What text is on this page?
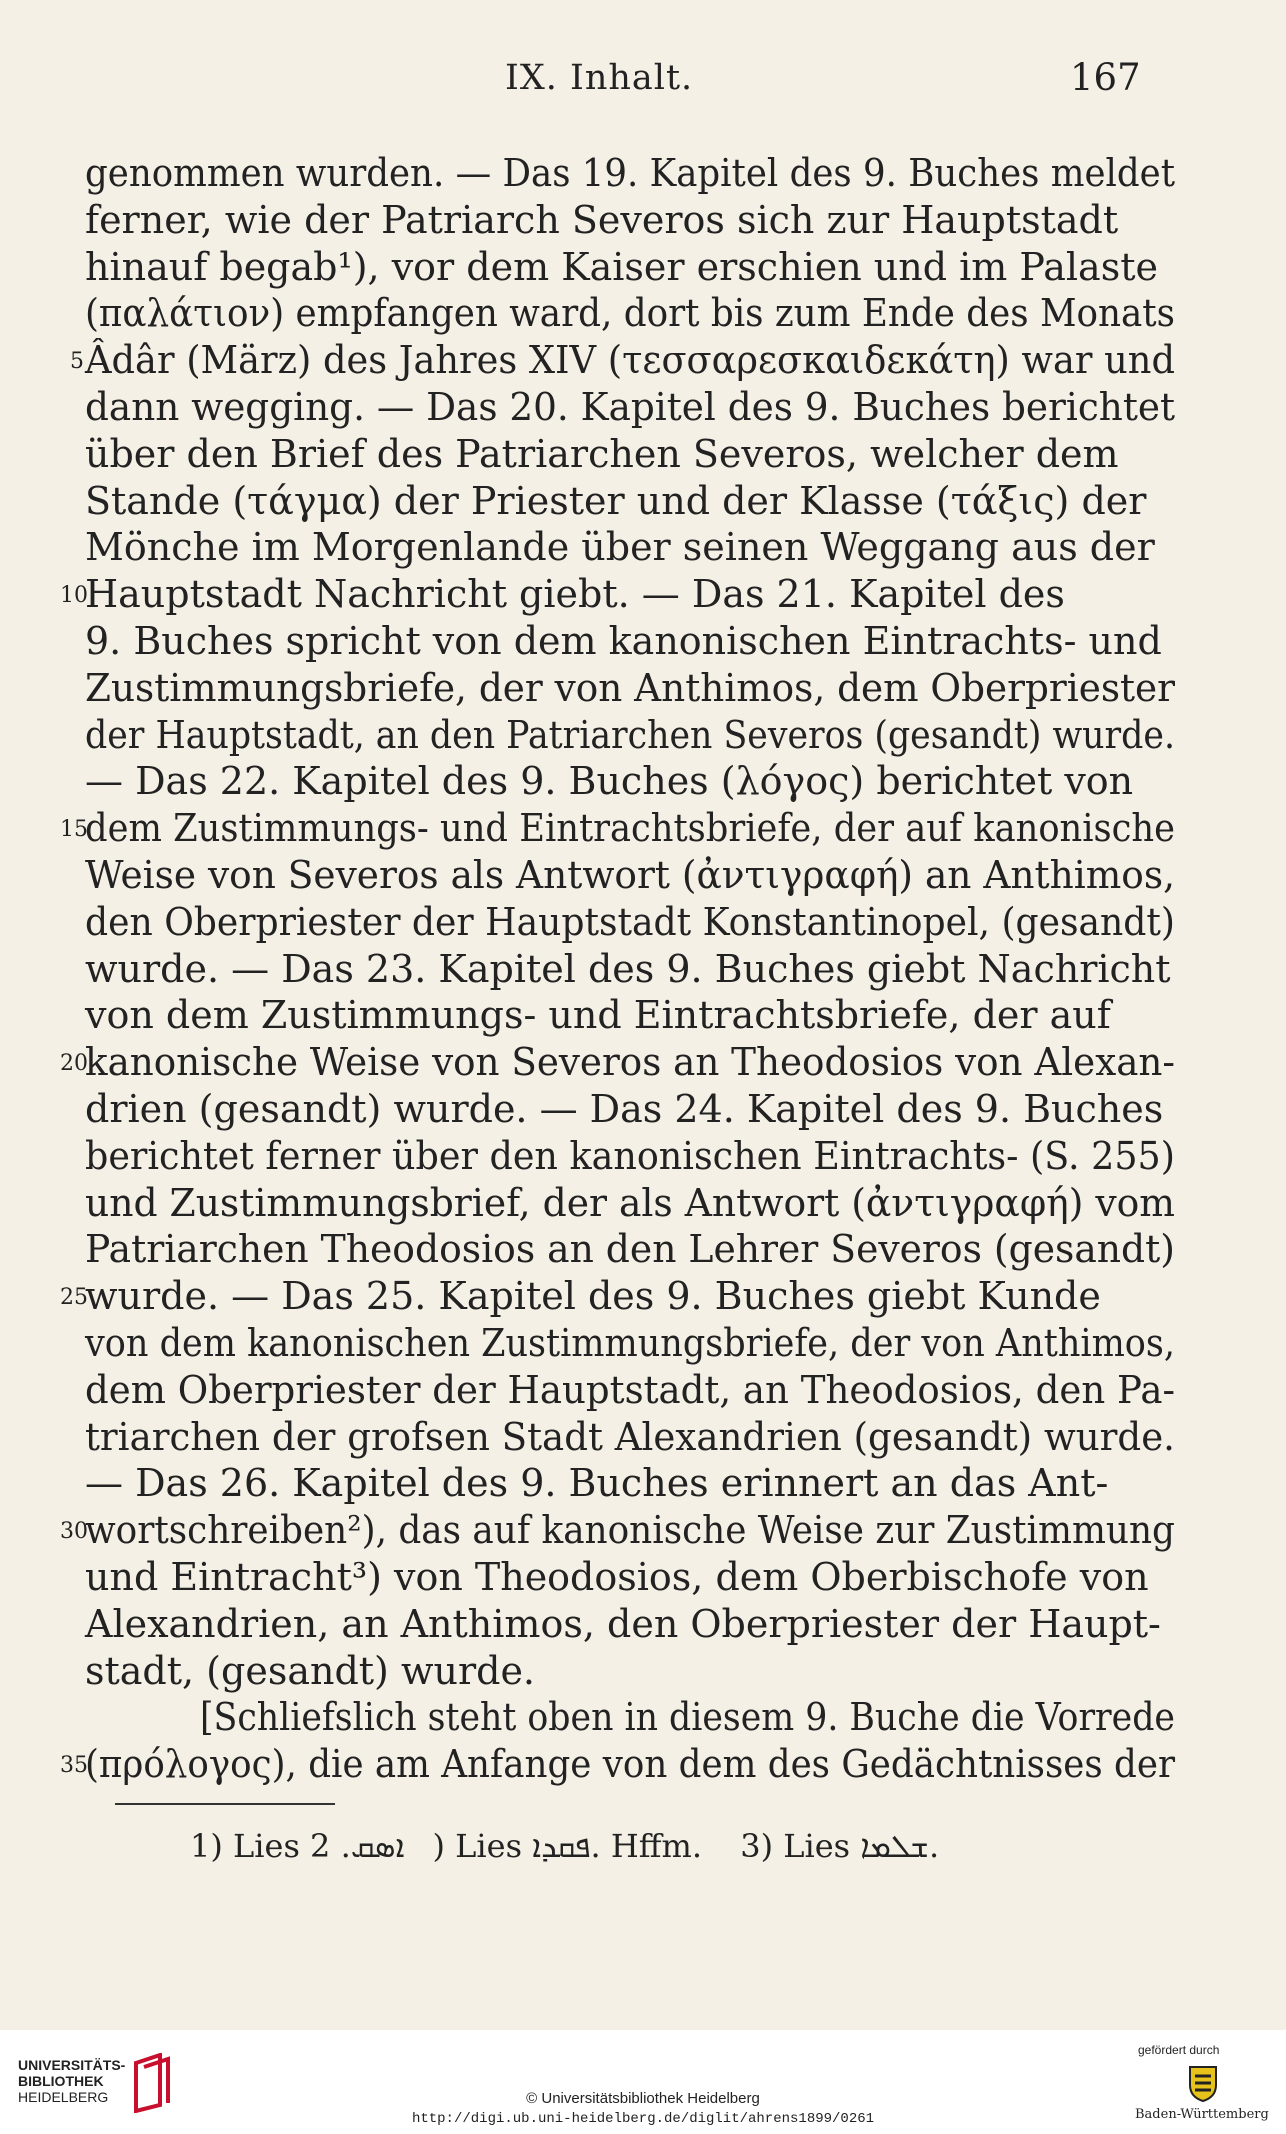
IX. Inhalt.	167
genommen wurden. — Das 19. Kapitel des 9. Buches meldet
ferner, wie der Patriarch Severos sich zur Hauptstadt
hinauf begab¹), vor dem Kaiser erschien und im Palaste
(παλάτιον) empfangen ward, dort bis zum Ende des Monats
5 Âdâr (März) des Jahres XIV (τεσσαρεσκαιδεκάτη) war und
dann wegging. — Das 20. Kapitel des 9. Buches berichtet
über den Brief des Patriarchen Severos, welcher dem
Stande (τάγμα) der Priester und der Klasse (τάξις) der
Mönche im Morgenlande über seinen Weggang aus der
10
Hauptstadt Nachricht giebt. — Das 21. Kapitel des
9. Buches spricht von dem kanonischen Eintrachts- und
Zustimmungsbriefe, der von Anthimos, dem Oberpriester
der Hauptstadt, an den Patriarchen Severos (gesandt) wurde.
— Das 22. Kapitel des 9. Buches (λόγος) berichtet von
15
dem Zustimmungs- und Eintrachtsbriefe, der auf kanonische
Weise von Severos als Antwort (ἀντιγραφή) an Anthimos,
den Oberpriester der Hauptstadt Konstantinopel, (gesandt)
wurde. — Das 23. Kapitel des 9. Buches giebt Nachricht
von dem Zustimmungs- und Eintrachtsbriefe, der auf
20
kanonische Weise von Severos an Theodosios von Alexan-
drien (gesandt) wurde. — Das 24. Kapitel des 9. Buches
berichtet ferner über den kanonischen Eintrachts- (S. 255)
und Zustimmungsbrief, der als Antwort (ἀντιγραφή) vom
Patriarchen Theodosios an den Lehrer Severos (gesandt)
25
wurde. — Das 25. Kapitel des 9. Buches giebt Kunde
von dem kanonischen Zustimmungsbriefe, der von Anthimos,
dem Oberpriester der Hauptstadt, an Theodosios, den Pa-
triarchen der grofsen Stadt Alexandrien (gesandt) wurde.
— Das 26. Kapitel des 9. Buches erinnert an das Ant-
30
wortschreiben²), das auf kanonische Weise zur Zustimmung
und Eintracht³) von Theodosios, dem Oberbischofe von
Alexandrien, an Anthimos, den Oberpriester der Haupt-
stadt, (gesandt) wurde.
[Schliefslich steht oben in diesem 9. Buche die Vorrede
35
(πρόλογος), die am Anfange von dem des Gedächtnisses der
1) Lies ܐܣܩ. 2) Lies ܦܩܕܐ. Hffm. 3) Lies ܫܠܡܐ.
UNIVERSITÄTS-
BIBLIOTHEK
HEIDELBERG	© Universitätsbibliothek Heidelberg
http://digi.ub.uni-heidelberg.de/diglit/ahrens1899/0261
gefördert durch
Baden-Württemberg
